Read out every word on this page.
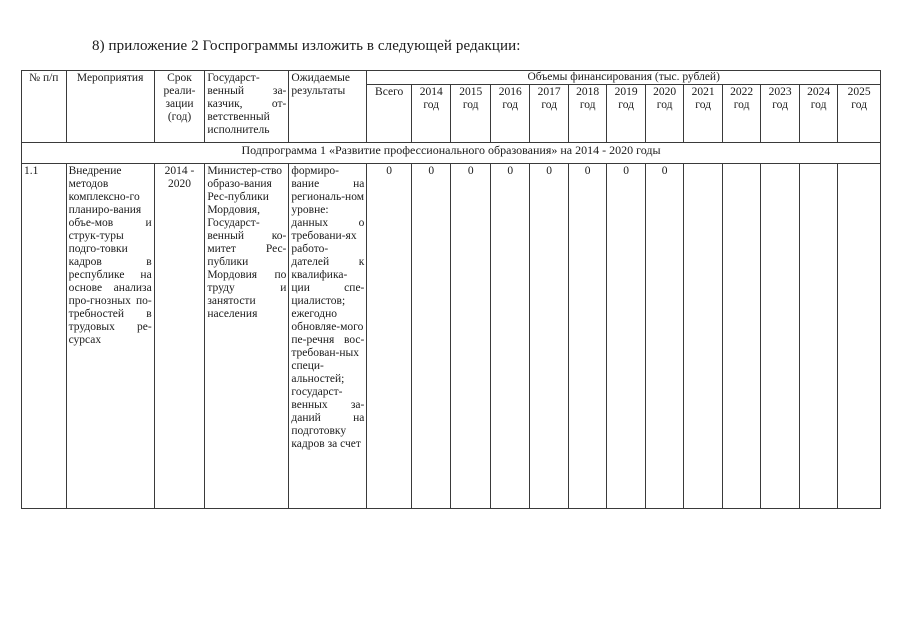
8) приложение 2 Госпрограммы изложить в следующей редакции:
№ п/п	Мероприятия	Срок реали-зации (год)	Государст-венный за-казчик, от-ветственный исполнитель	Ожидаемые результаты	Объемы финансирования (тыс. рублей)												
					Всего	2014 год	2015 год	2016 год	2017 год	2018 год	2019 год	2020 год	2021 год	2022 год	2023 год	2024 год	2025 год
Подпрограмма 1 «Развитие профессионального образования» на 2014 - 2020 годы																	
1.1	Внедрение методов комплексно-го планиро-вания объе-мов и струк-туры подго-товки кадров в республике на основе анализа про-гнозных по-требностей в трудовых ре-сурсах	2014 - 2020	Министер-ство образо-вания Рес-публики Мордовия, Государст-венный ко-митет Рес-публики Мордовия по труду и занятости населения	формиро-вание на региональ-ном уровне: данных о требовани-ях работо-дателей к квалифика-ции спе-циалистов; ежегодно обновляе-мого пе-речня вос-требован-ных специ-альностей; государст-венных за-даний на подготовку кадров за счет	0	0	0	0	0	0	0	0					
